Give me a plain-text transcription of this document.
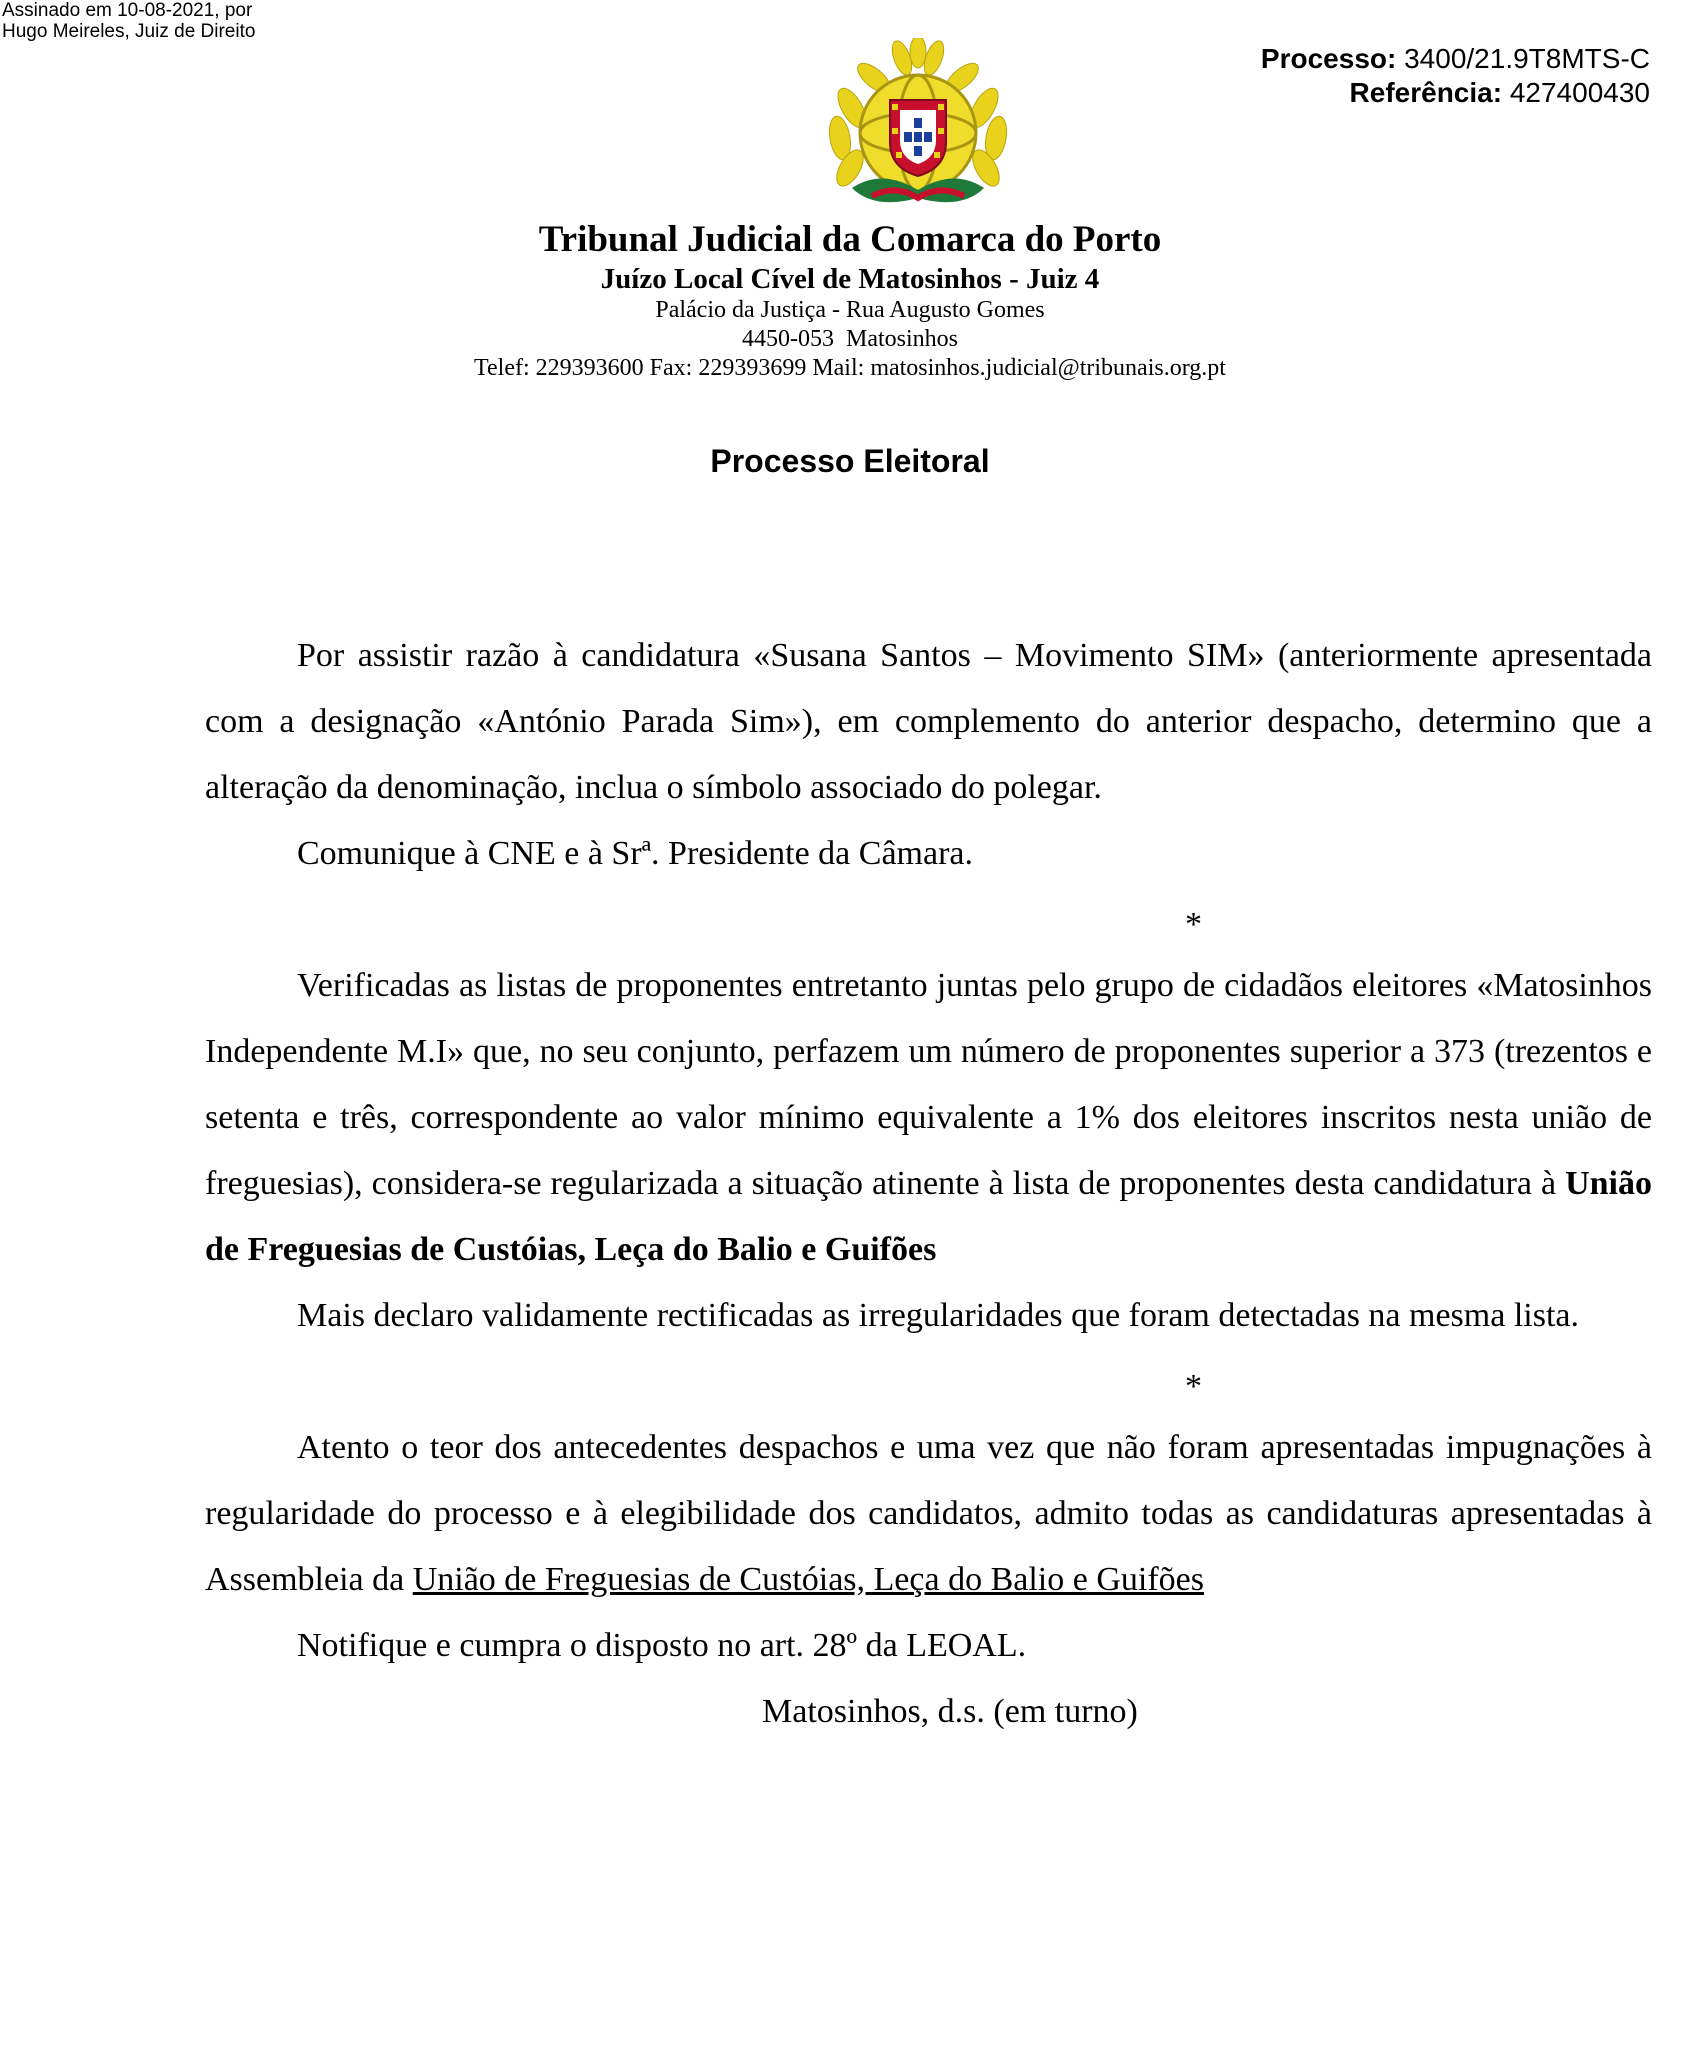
Assinado em 10-08-2021, por
Hugo Meireles, Juiz de Direito
Processo: 3400/21.9T8MTS-C
Referência: 427400430
Tribunal Judicial da Comarca do Porto
Juízo Local Cível de Matosinhos - Juiz 4
Palácio da Justiça - Rua Augusto Gomes
4450-053  Matosinhos
Telef: 229393600 Fax: 229393699 Mail: matosinhos.judicial@tribunais.org.pt
Processo Eleitoral

Por assistir razão à candidatura «Susana Santos – Movimento SIM» (anteriormente apresentada com a designação «António Parada Sim»), em complemento do anterior despacho, determino que a alteração da denominação, inclua o símbolo associado do polegar.

Comunique à CNE e à Srª. Presidente da Câmara.

*

Verificadas as listas de proponentes entretanto juntas pelo grupo de cidadãos eleitores «Matosinhos Independente M.I» que, no seu conjunto, perfazem um número de proponentes superior a 373 (trezentos e setenta e três, correspondente ao valor mínimo equivalente a 1% dos eleitores inscritos nesta união de freguesias), considera-se regularizada a situação atinente à lista de proponentes desta candidatura à União de Freguesias de Custóias, Leça do Balio e Guifões

Mais declaro validamente rectificadas as irregularidades que foram detectadas na mesma lista.

*

Atento o teor dos antecedentes despachos e uma vez que não foram apresentadas impugnações à regularidade do processo e à elegibilidade dos candidatos, admito todas as candidaturas apresentadas à Assembleia da União de Freguesias de Custóias, Leça do Balio e Guifões

Notifique e cumpra o disposto no art. 28º da LEOAL.

Matosinhos, d.s. (em turno)
